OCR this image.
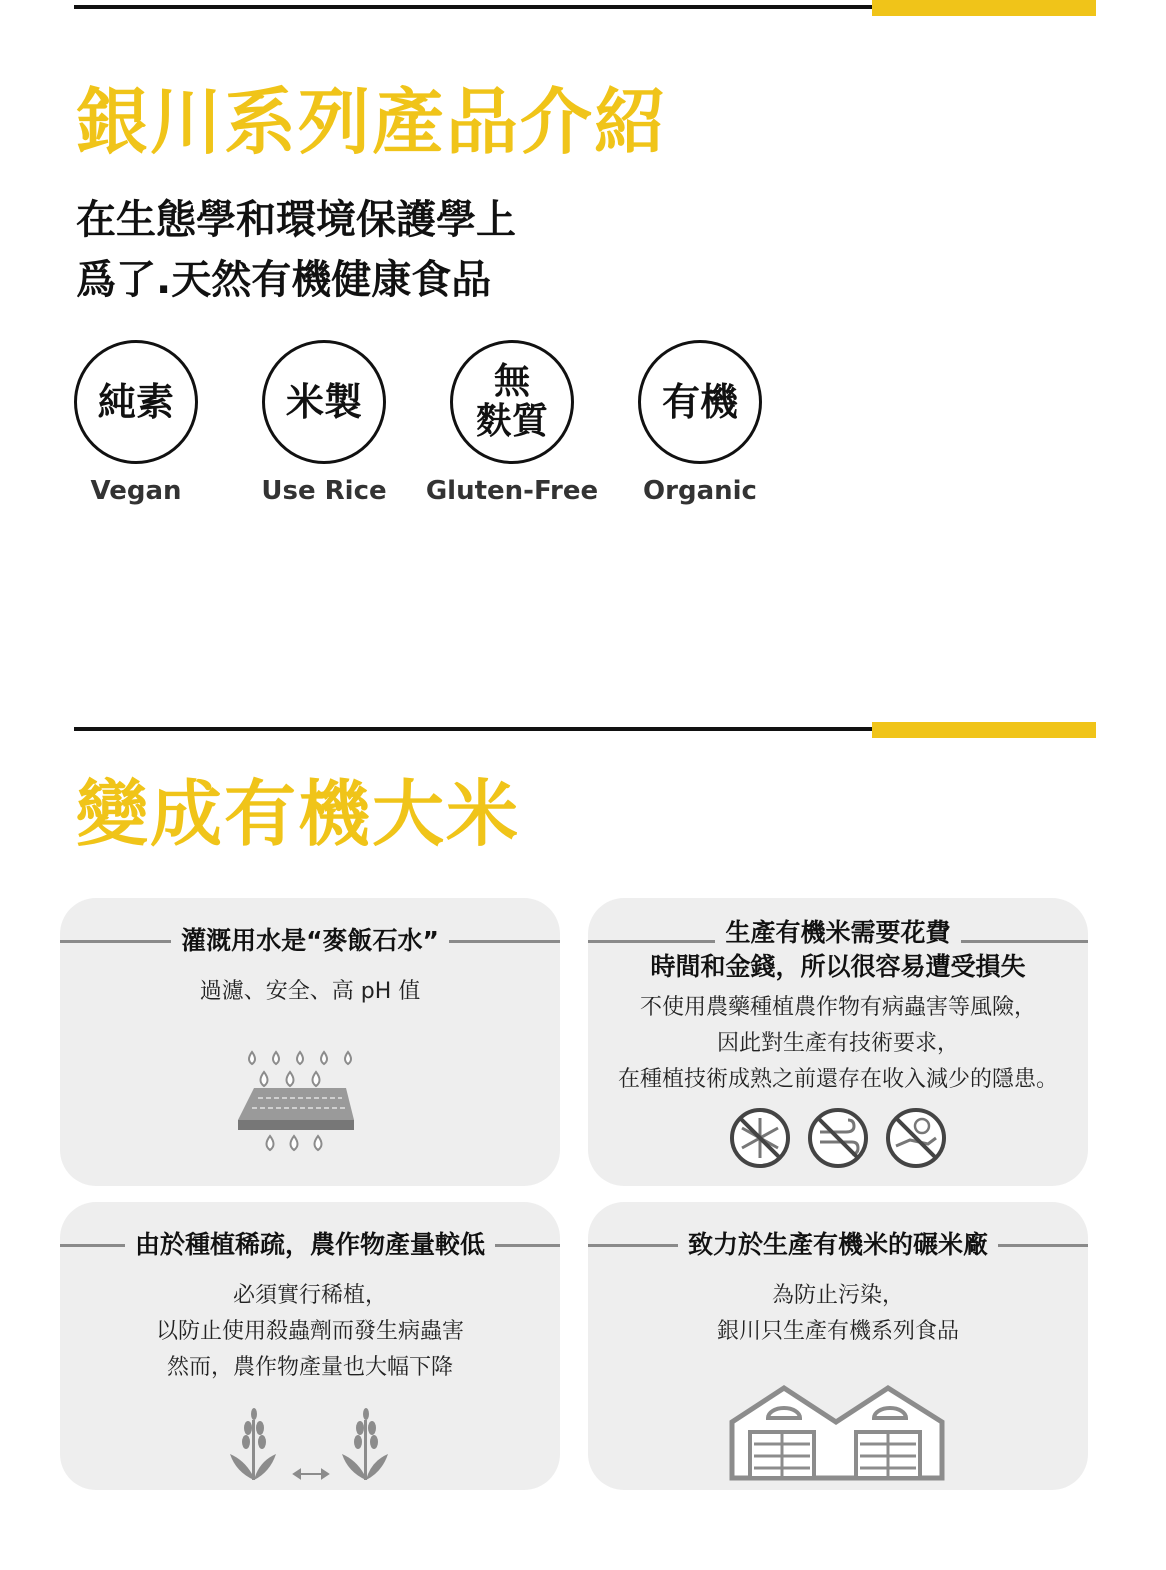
銀川系列產品介紹
在生態學和環境保護學上
爲了.天然有機健康食品
純素
Vegan
米製
Use Rice
無
麩質
Gluten-Free
有機
Organic
變成有機大米
灌溉用水是“麥飯石水”
過濾、安全、高 pH 值
生產有機米需要花費
時間和金錢，所以很容易遭受損失
不使用農藥種植農作物有病蟲害等風險，
因此對生產有技術要求，
在種植技術成熟之前還存在收入減少的隱患。
由於種植稀疏，農作物產量較低
必須實行稀植，
以防止使用殺蟲劑而發生病蟲害
然而，農作物產量也大幅下降
致力於生產有機米的碾米廠
為防止污染，
銀川只生產有機系列食品
